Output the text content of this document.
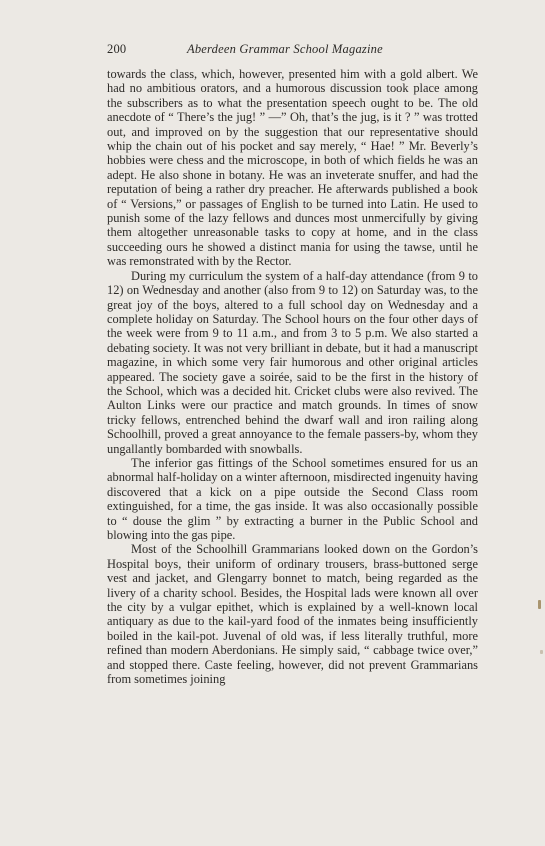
200	Aberdeen Grammar School Magazine

towards the class, which, however, presented him with a gold albert. We had no ambitious orators, and a humorous discussion took place among the subscribers as to what the presentation speech ought to be. The old anecdote of “ There’s the jug! ” —” Oh, that’s the jug, is it ? ” was trotted out, and improved on by the suggestion that our representative should whip the chain out of his pocket and say merely, “ Hae! ” Mr. Beverly’s hobbies were chess and the microscope, in both of which fields he was an adept. He also shone in botany. He was an inveterate snuffer, and had the reputation of being a rather dry preacher. He afterwards published a book of “ Versions,” or passages of English to be turned into Latin. He used to punish some of the lazy fellows and dunces most unmercifully by giving them altogether unreasonable tasks to copy at home, and in the class succeeding ours he showed a distinct mania for using the tawse, until he was remonstrated with by the Rector.

During my curriculum the system of a half-day attendance (from 9 to 12) on Wednesday and another (also from 9 to 12) on Saturday was, to the great joy of the boys, altered to a full school day on Wednesday and a complete holiday on Saturday. The School hours on the four other days of the week were from 9 to 11 a.m., and from 3 to 5 p.m. We also started a debating society. It was not very brilliant in debate, but it had a manuscript magazine, in which some very fair humorous and other original articles appeared. The society gave a soirée, said to be the first in the history of the School, which was a decided hit. Cricket clubs were also revived. The Aulton Links were our practice and match grounds. In times of snow tricky fellows, entrenched behind the dwarf wall and iron railing along Schoolhill, proved a great annoyance to the female passers-by, whom they ungallantly bombarded with snowballs.

The inferior gas fittings of the School sometimes ensured for us an abnormal half-holiday on a winter afternoon, misdirected ingenuity having discovered that a kick on a pipe outside the Second Class room extinguished, for a time, the gas inside. It was also occasionally possible to “ douse the glim ” by extracting a burner in the Public School and blowing into the gas pipe.

Most of the Schoolhill Grammarians looked down on the Gordon’s Hospital boys, their uniform of ordinary trousers, brass-buttoned serge vest and jacket, and Glengarry bonnet to match, being regarded as the livery of a charity school. Besides, the Hospital lads were known all over the city by a vulgar epithet, which is explained by a well-known local antiquary as due to the kail-yard food of the inmates being insufficiently boiled in the kail-pot. Juvenal of old was, if less literally truthful, more refined than modern Aberdonians. He simply said, “ cabbage twice over,” and stopped there. Caste feeling, however, did not prevent Grammarians from sometimes joining
